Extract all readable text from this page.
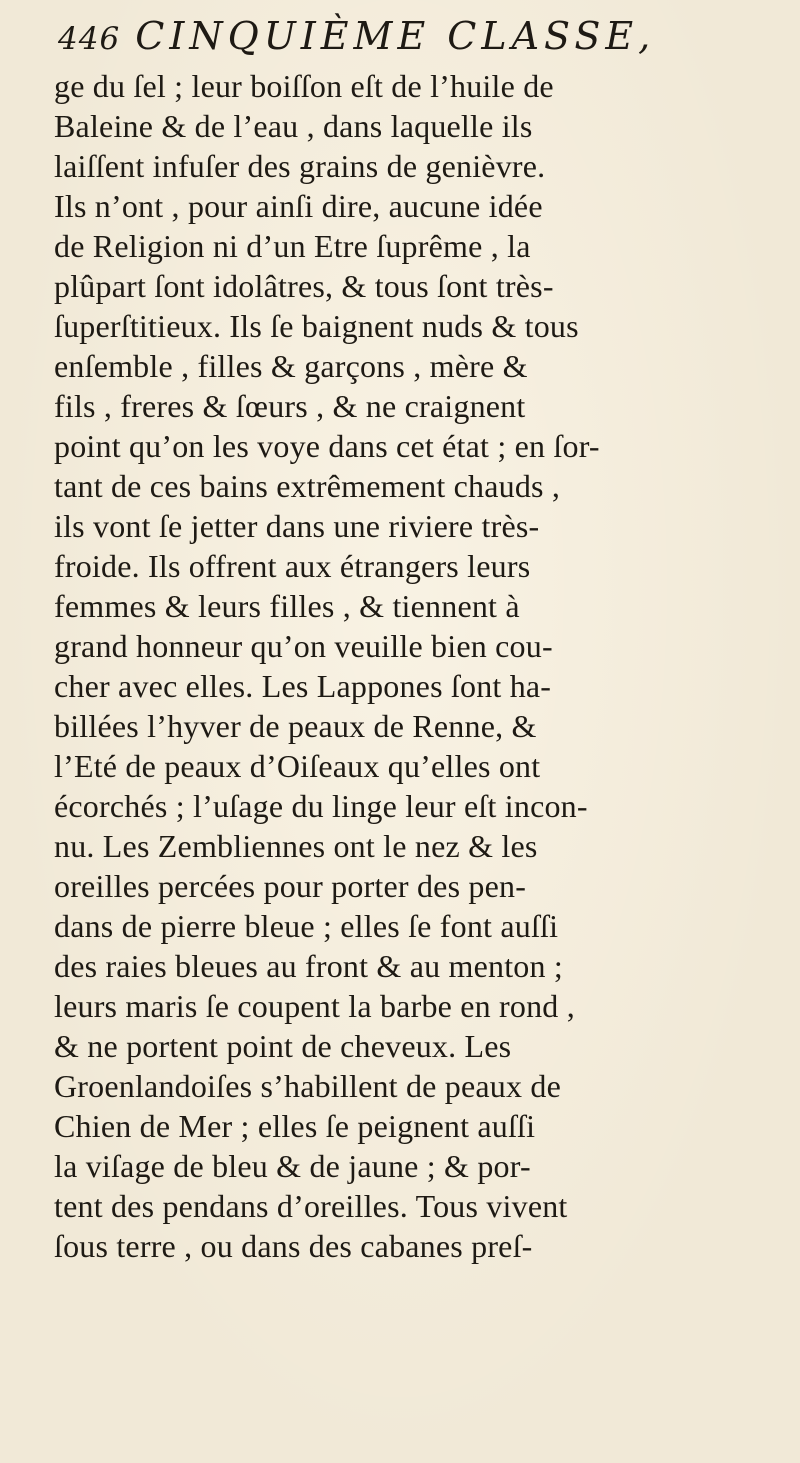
446 CINQUIÈME CLASSE,
ge du ſel ; leur boiſſon eſt de l’huile de
Baleine & de l’eau , dans laquelle ils
laiſſent infuſer des grains de genièvre.
Ils n’ont , pour ainſi dire, aucune idée
de Religion ni d’un Etre ſuprême , la
plûpart ſont idolâtres, & tous ſont très-
ſuperſtitieux. Ils ſe baignent nuds & tous
enſemble , filles & garçons , mère &
fils , freres & ſœurs , & ne craignent
point qu’on les voye dans cet état ; en ſor-
tant de ces bains extrêmement chauds ,
ils vont ſe jetter dans une riviere très-
froide. Ils offrent aux étrangers leurs
femmes & leurs filles , & tiennent à
grand honneur qu’on veuille bien cou-
cher avec elles. Les Lappones ſont ha-
billées l’hyver de peaux de Renne, &
l’Eté de peaux d’Oiſeaux qu’elles ont
écorchés ; l’uſage du linge leur eſt incon-
nu. Les Zembliennes ont le nez & les
oreilles percées pour porter des pen-
dans de pierre bleue ; elles ſe font auſſi
des raies bleues au front & au menton ;
leurs maris ſe coupent la barbe en rond ,
& ne portent point de cheveux. Les
Groenlandoiſes s’habillent de peaux de
Chien de Mer ; elles ſe peignent auſſi
la viſage de bleu & de jaune ; & por-
tent des pendans d’oreilles. Tous vivent
ſous terre , ou dans des cabanes preſ-
